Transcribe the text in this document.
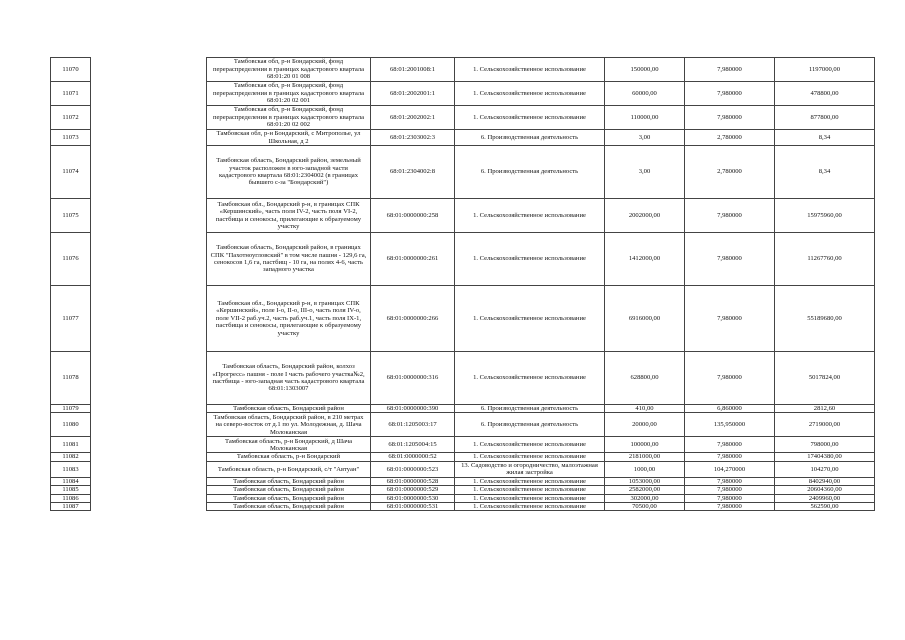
11070		Тамбовская обл, р-н Бондарский, фонд перераспределения в границах кадастрового квартала 68:01:20 01 008	68:01:2001008:1	1. Сельскохозяйственное использование	150000,00	7,980000	1197000,00
11071		Тамбовская обл, р-н Бондарский, фонд перераспределения в границах кадастрового квартала 68:01:20 02 001	68:01:2002001:1	1. Сельскохозяйственное использование	60000,00	7,980000	478800,00
11072		Тамбовская обл, р-н Бондарский, фонд перераспределения в границах кадастрового квартала 68:01:20 02 002	68:01:2002002:1	1. Сельскохозяйственное использование	110000,00	7,980000	877800,00
11073		Тамбовская обл, р-н Бондарский, с Митрополье, ул Школьная, д 2	68:01:2303002:3	6. Производственная деятельность	3,00	2,780000	8,34
11074		Тамбовская область, Бондарский район, земельный участок расположен в юго-западной части кадастрового квартала 68:01:2304002 (в границах бывшего с-за "Бондарский")	68:01:2304002:8	6. Производственная деятельность	3,00	2,780000	8,34
11075		Тамбовская обл., Бондарский р-н, в границах СПК «Кершинский», часть поля IV-2, часть поля VI-2, пастбища и сенокосы, прилегающие к образуемому участку	68:01:0000000:258	1. Сельскохозяйственное использование	2002000,00	7,980000	15975960,00
11076		Тамбовская область, Бондарский район, в границах СПК "Пахотноугловский" в том числе пашня - 129,6 га, сенокосов 1,6 га, пастбищ - 10 га, на полях 4-6, часть западного участка	68:01:0000000:261	1. Сельскохозяйственное использование	1412000,00	7,980000	11267760,00
11077		Тамбовская обл., Бондарский р-н, в границах СПК «Кершинский», поле I-о, II-о, III-о, часть поля IV-о, поле VII-2 раб.уч.2, часть раб.уч.1, часть поля IX-1, пастбища и сенокосы, прилегающие к образуемому участку	68:01:0000000:266	1. Сельскохозяйственное использование	6916000,00	7,980000	55189680,00
11078		Тамбовская область, Бондарский район, колхоз «Прогресс» пашня - поле I часть рабочего участка№2, пастбища - юго-западная часть кадастрового квартала 68:01:1303007	68:01:0000000:316	1. Сельскохозяйственное использование	628800,00	7,980000	5017824,00
11079		Тамбовская область, Бондарский район	68:01:0000000:390	6. Производственная деятельность	410,00	6,860000	2812,60
11080		Тамбовская область, Бондарский район, в 210 метрах на северо-восток от д.1 по ул. Молодежная, д. Шача Молоканская	68:01:1205003:17	6. Производственная деятельность	20000,00	135,950000	2719000,00
11081		Тамбовская область, р-н Бондарский, д Шача Молоканская	68:01:1205004:15	1. Сельскохозяйственное использование	100000,00	7,980000	798000,00
11082		Тамбовская область, р-н Бондарский	68:01:0000000:52	1. Сельскохозяйственное использование	2181000,00	7,980000	17404380,00
11083		Тамбовская область, р-н Бондарский, с/т "Автуан"	68:01:0000000:523	13. Садоводство и огородничество, малоэтажная жилая застройка	1000,00	104,270000	104270,00
11084		Тамбовская область, Бондарский район	68:01:0000000:528	1. Сельскохозяйственное использование	1053000,00	7,980000	8402940,00
11085		Тамбовская область, Бондарский район	68:01:0000000:529	1. Сельскохозяйственное использование	2582000,00	7,980000	20604360,00
11086		Тамбовская область, Бондарский район	68:01:0000000:530	1. Сельскохозяйственное использование	302000,00	7,980000	2409960,00
11087		Тамбовская область, Бондарский район	68:01:0000000:531	1. Сельскохозяйственное использование	70500,00	7,980000	562590,00
